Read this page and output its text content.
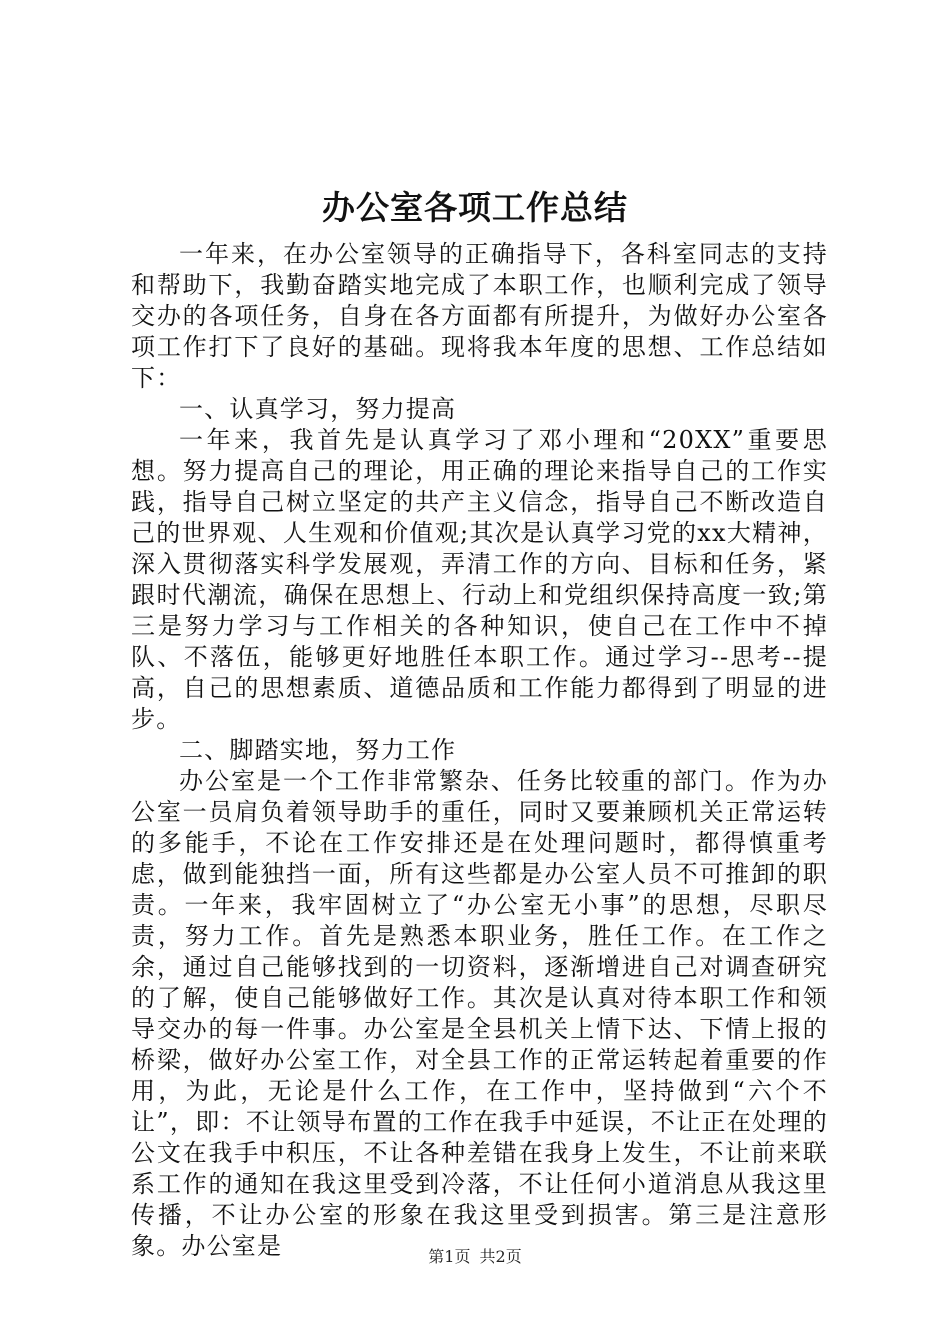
办公室各项工作总结

一年来，在办公室领导的正确指导下，各科室同志的支持和帮助下，我勤奋踏实地完成了本职工作，也顺利完成了领导交办的各项任务，自身在各方面都有所提升，为做好办公室各项工作打下了良好的基础。现将我本年度的思想、工作总结如下：

一、认真学习，努力提高

一年来，我首先是认真学习了邓小理和“20XX”重要思想。努力提高自己的理论，用正确的理论来指导自己的工作实践，指导自己树立坚定的共产主义信念，指导自己不断改造自己的世界观、人生观和价值观;其次是认真学习党的xx大精神，深入贯彻落实科学发展观，弄清工作的方向、目标和任务，紧跟时代潮流，确保在思想上、行动上和党组织保持高度一致;第三是努力学习与工作相关的各种知识，使自己在工作中不掉队、不落伍，能够更好地胜任本职工作。通过学习--思考--提高，自己的思想素质、道德品质和工作能力都得到了明显的进步。

二、脚踏实地，努力工作

办公室是一个工作非常繁杂、任务比较重的部门。作为办公室一员肩负着领导助手的重任，同时又要兼顾机关正常运转的多能手，不论在工作安排还是在处理问题时，都得慎重考虑，做到能独挡一面，所有这些都是办公室人员不可推卸的职责。一年来，我牢固树立了“办公室无小事”的思想，尽职尽责，努力工作。首先是熟悉本职业务，胜任工作。在工作之余，通过自己能够找到的一切资料，逐渐增进自己对调查研究的了解，使自己能够做好工作。其次是认真对待本职工作和领导交办的每一件事。办公室是全县机关上情下达、下情上报的桥梁，做好办公室工作，对全县工作的正常运转起着重要的作用，为此，无论是什么工作，在工作中，坚持做到“六个不让”，即：不让领导布置的工作在我手中延误，不让正在处理的公文在我手中积压，不让各种差错在我身上发生，不让前来联系工作的通知在我这里受到冷落，不让任何小道消息从我这里传播，不让办公室的形象在我这里受到损害。第三是注意形象。办公室是	第1页 共2页
